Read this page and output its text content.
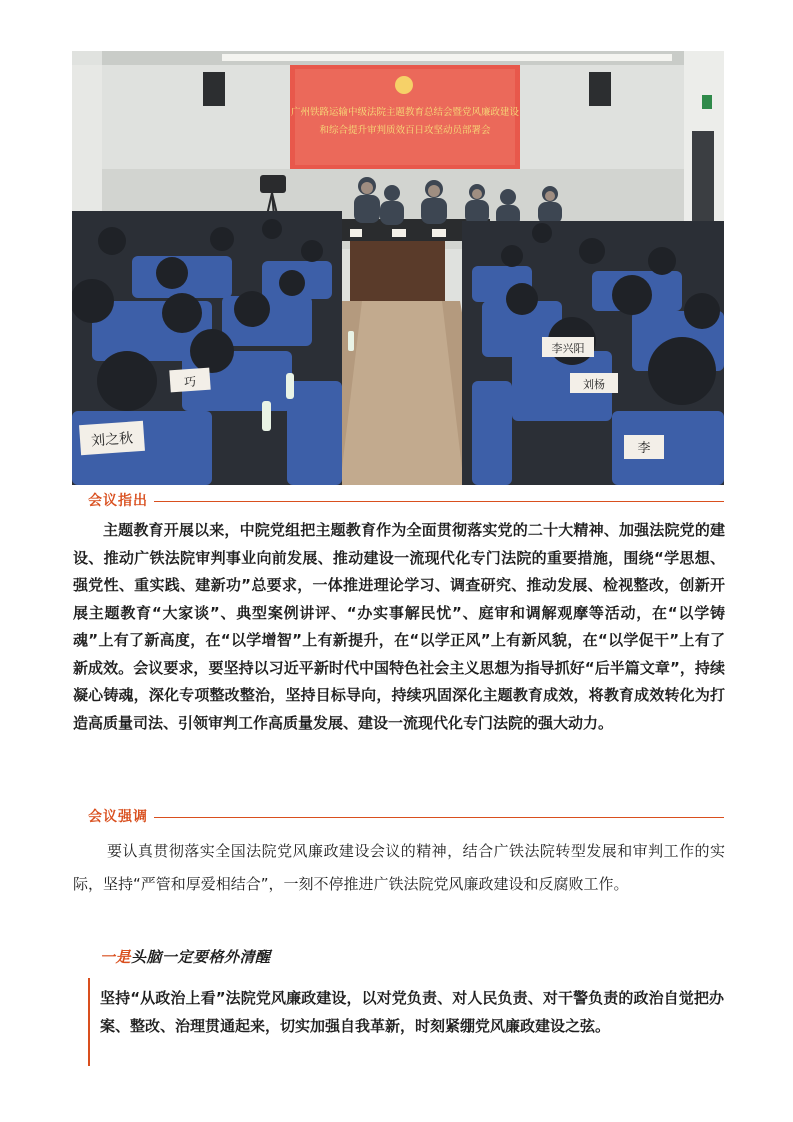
广州铁路运输中级法院主题教育总结会暨党风廉政建设
和综合提升审判质效百日攻坚动员部署会
刘之秋
巧
李兴阳
刘杨
李
会议指出

主题教育开展以来，中院党组把主题教育作为全面贯彻落实党的二十大精神、加强法院党的建设、推动广铁法院审判事业向前发展、推动建设一流现代化专门法院的重要措施，围绕“学思想、强党性、重实践、建新功”总要求，一体推进理论学习、调查研究、推动发展、检视整改，创新开展主题教育“大家谈”、典型案例讲评、“办实事解民忧”、庭审和调解观摩等活动，在“以学铸魂”上有了新高度，在“以学增智”上有新提升，在“以学正风”上有新风貌，在“以学促干”上有了新成效。会议要求，要坚持以习近平新时代中国特色社会主义思想为指导抓好“后半篇文章”，持续凝心铸魂，深化专项整改整治，坚持目标导向，持续巩固深化主题教育成效，将教育成效转化为打造高质量司法、引领审判工作高质量发展、建设一流现代化专门法院的强大动力。

会议强调

要认真贯彻落实全国法院党风廉政建设会议的精神，结合广铁法院转型发展和审判工作的实际，坚持“严管和厚爱相结合”，一刻不停推进广铁法院党风廉政建设和反腐败工作。

一是头脑一定要格外清醒

坚持“从政治上看”法院党风廉政建设，以对党负责、对人民负责、对干警负责的政治自觉把办案、整改、治理贯通起来，切实加强自我革新，时刻紧绷党风廉政建设之弦。
